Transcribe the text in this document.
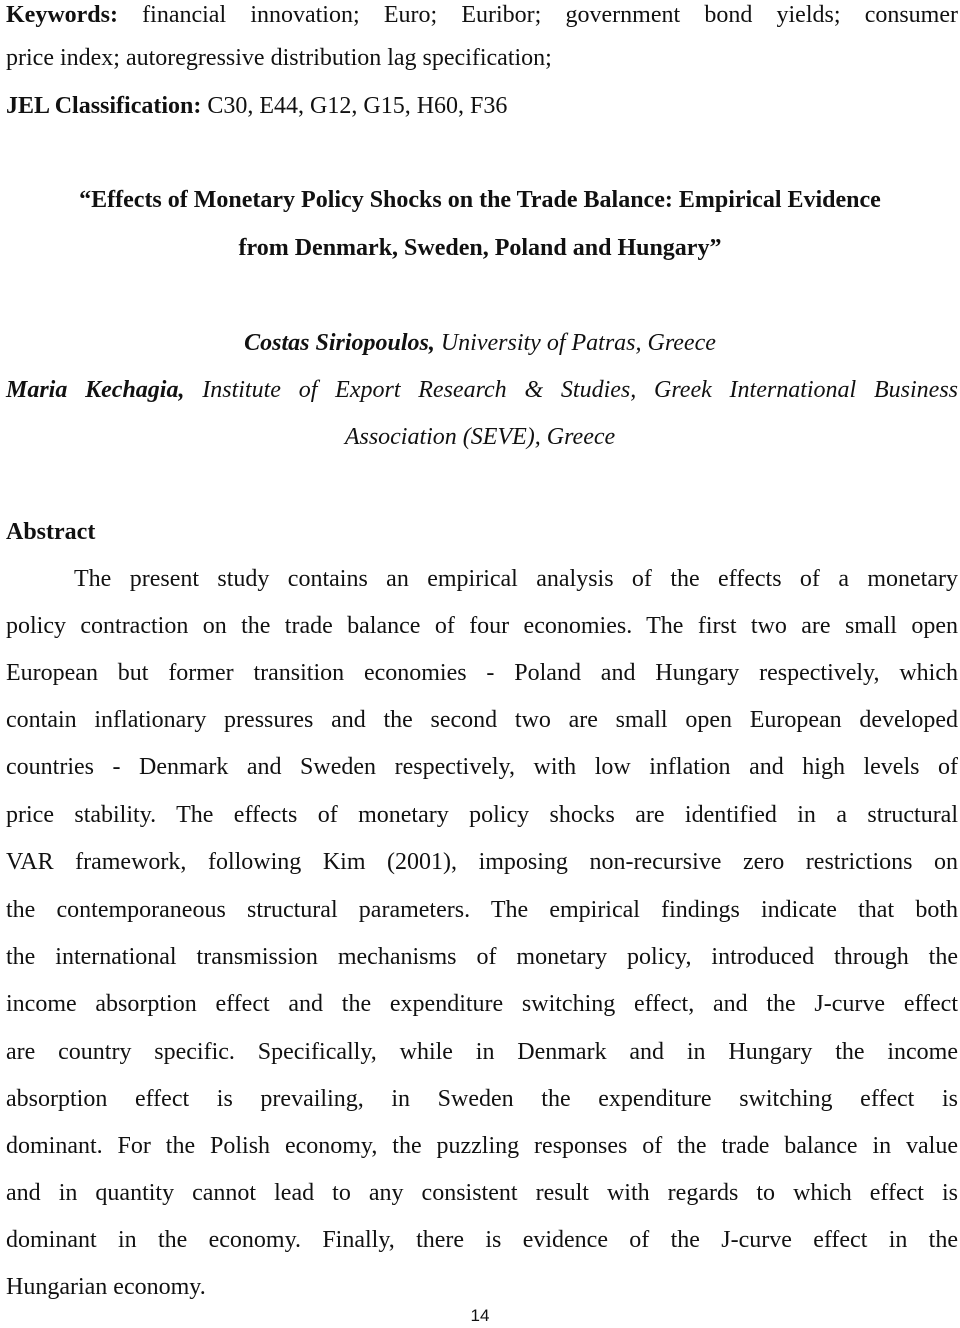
Keywords: financial innovation; Euro; Euribor; government bond yields; consumer
price index; autoregressive distribution lag specification;
JEL Classification: C30, E44, G12, G15, H60, F36
“Effects of Monetary Policy Shocks on the Trade Balance: Empirical Evidence
from Denmark, Sweden, Poland and Hungary”
Costas Siriopoulos, University of Patras, Greece
Maria Kechagia, Institute of Export Research & Studies, Greek International Business
Association (SEVE), Greece
Abstract
The present study contains an empirical analysis of the effects of a monetary
policy contraction on the trade balance of four economies. The first two are small open
European but former transition economies - Poland and Hungary respectively, which
contain inflationary pressures and the second two are small open European developed
countries - Denmark and Sweden respectively, with low inflation and high levels of
price stability. The effects of monetary policy shocks are identified in a structural
VAR framework, following Kim (2001), imposing non-recursive zero restrictions on
the contemporaneous structural parameters. The empirical findings indicate that both
the international transmission mechanisms of monetary policy, introduced through the
income absorption effect and the expenditure switching effect, and the J-curve effect
are country specific. Specifically, while in Denmark and in Hungary the income
absorption effect is prevailing, in Sweden the expenditure switching effect is
dominant. For the Polish economy, the puzzling responses of the trade balance in value
and in quantity cannot lead to any consistent result with regards to which effect is
dominant in the economy. Finally, there is evidence of the J-curve effect in the
Hungarian economy.
14
